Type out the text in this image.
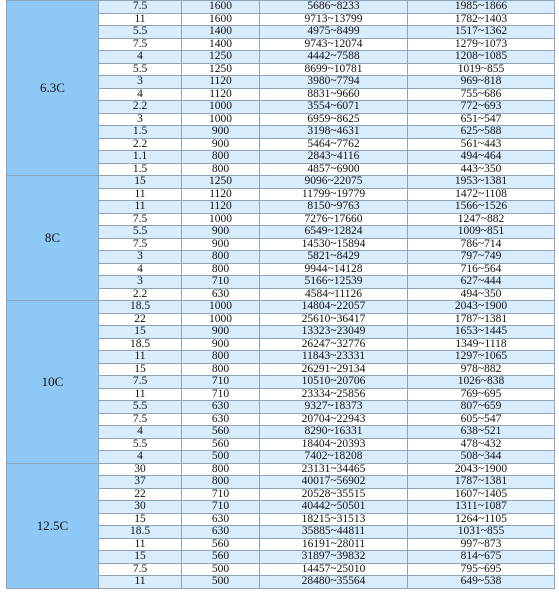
6.3C	7.5	1600	5686~8233	1985~1866
	11	1600	9713~13799	1782~1403
	5.5	1400	4975~8499	1517~1362
	7.5	1400	9743~12074	1279~1073
	4	1250	4442~7588	1208~1085
	5.5	1250	8699~10781	1019~855
	3	1120	3980~7794	969~818
	4	1120	8831~9660	755~686
	2.2	1000	3554~6071	772~693
	3	1000	6959~8625	651~547
	1.5	900	3198~4631	625~588
	2.2	900	5464~7762	561~443
	1.1	800	2843~4116	494~464
	1.5	800	4857~6900	443~350
8C	15	1250	9096~22075	1953~1381
	11	1120	11799~19779	1472~1108
	11	1120	8150~9763	1566~1526
	7.5	1000	7276~17660	1247~882
	5.5	900	6549~12824	1009~851
	7.5	900	14530~15894	786~714
	3	800	5821~8429	797~749
	4	800	9944~14128	716~564
	3	710	5166~12539	627~444
	2.2	630	4584~11126	494~350
10C	18.5	1000	14804~22057	2043~1900
	22	1000	25610~36417	1787~1381
	15	900	13323~23049	1653~1445
	18.5	900	26247~32776	1349~1118
	11	800	11843~23331	1297~1065
	15	800	26291~29134	978~882
	7.5	710	10510~20706	1026~838
	11	710	23334~25856	769~695
	5.5	630	9327~18373	807~659
	7.5	630	20704~22943	605~547
	4	560	8290~16331	638~521
	5.5	560	18404~20393	478~432
	4	500	7402~18208	508~344
12.5C	30	800	23131~34465	2043~1900
	37	800	40017~56902	1787~1381
	22	710	20528~35515	1607~1405
	30	710	40442~50501	1311~1087
	15	630	18215~31513	1264~1105
	18.5	630	35885~44811	1031~855
	11	560	16191~28011	997~873
	15	560	31897~39832	814~675
	7.5	500	14457~25010	795~695
	11	500	28480~35564	649~538
